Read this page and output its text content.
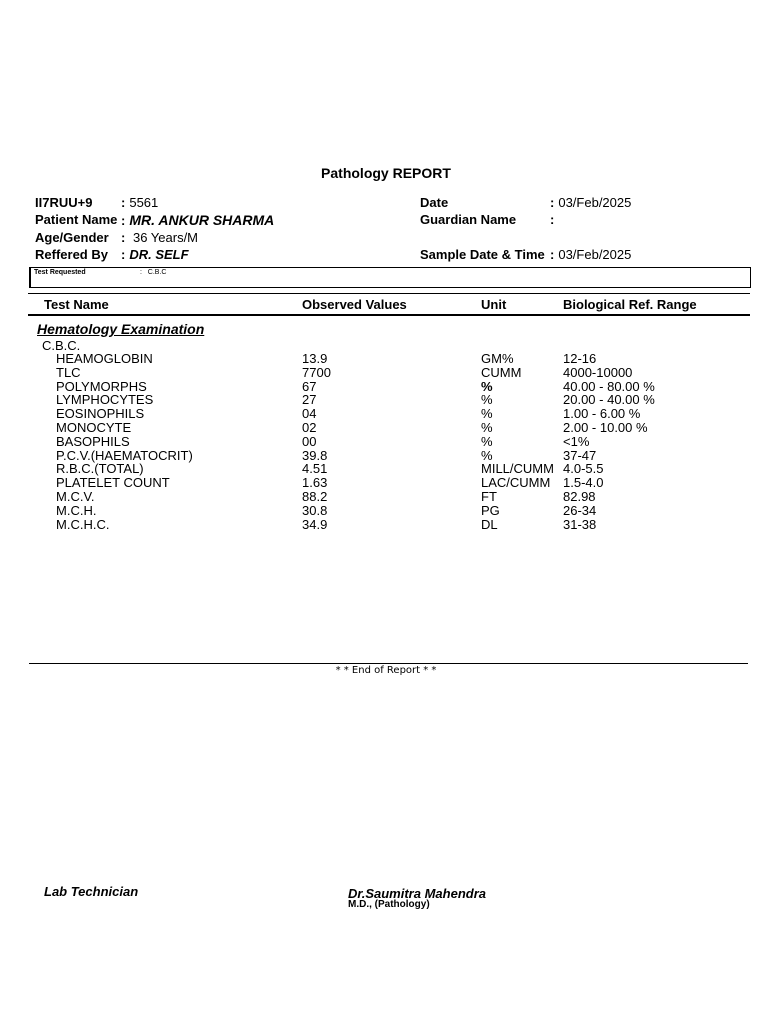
Pathology REPORT
II7RUU+9 : 5561
Patient Name : MR. ANKUR SHARMA
Age/Gender : 36 Years/M
Reffered By : DR. SELF
Date	: 03/Feb/2025
Guardian Name	:
Sample Date & Time : 03/Feb/2025
Test Requested	: C.B.C
Test Name	Observed Values	Unit	Biological Ref. Range
Hematology Examination
C.B.C.
HEAMOGLOBIN	13.9	GM%	12-16
TLC	7700	CUMM	4000-10000
POLYMORPHS	67	%	40.00 - 80.00 %
LYMPHOCYTES	27	%	20.00 - 40.00 %
EOSINOPHILS	04	%	1.00 - 6.00 %
MONOCYTE	02	%	2.00 - 10.00 %
BASOPHILS	00	%	<1%
P.C.V.(HAEMATOCRIT)	39.8	%	37-47
R.B.C.(TOTAL)	4.51	MILL/CUMM 4.0-5.5
PLATELET COUNT	1.63	LAC/CUMM 1.5-4.0
M.C.V.	88.2	FT	82.98
M.C.H.	30.8	PG	26-34
M.C.H.C.	34.9	DL	31-38
* * End of Report * *
Lab Technician	Dr.Saumitra Mahendra
M.D., (Pathology)
